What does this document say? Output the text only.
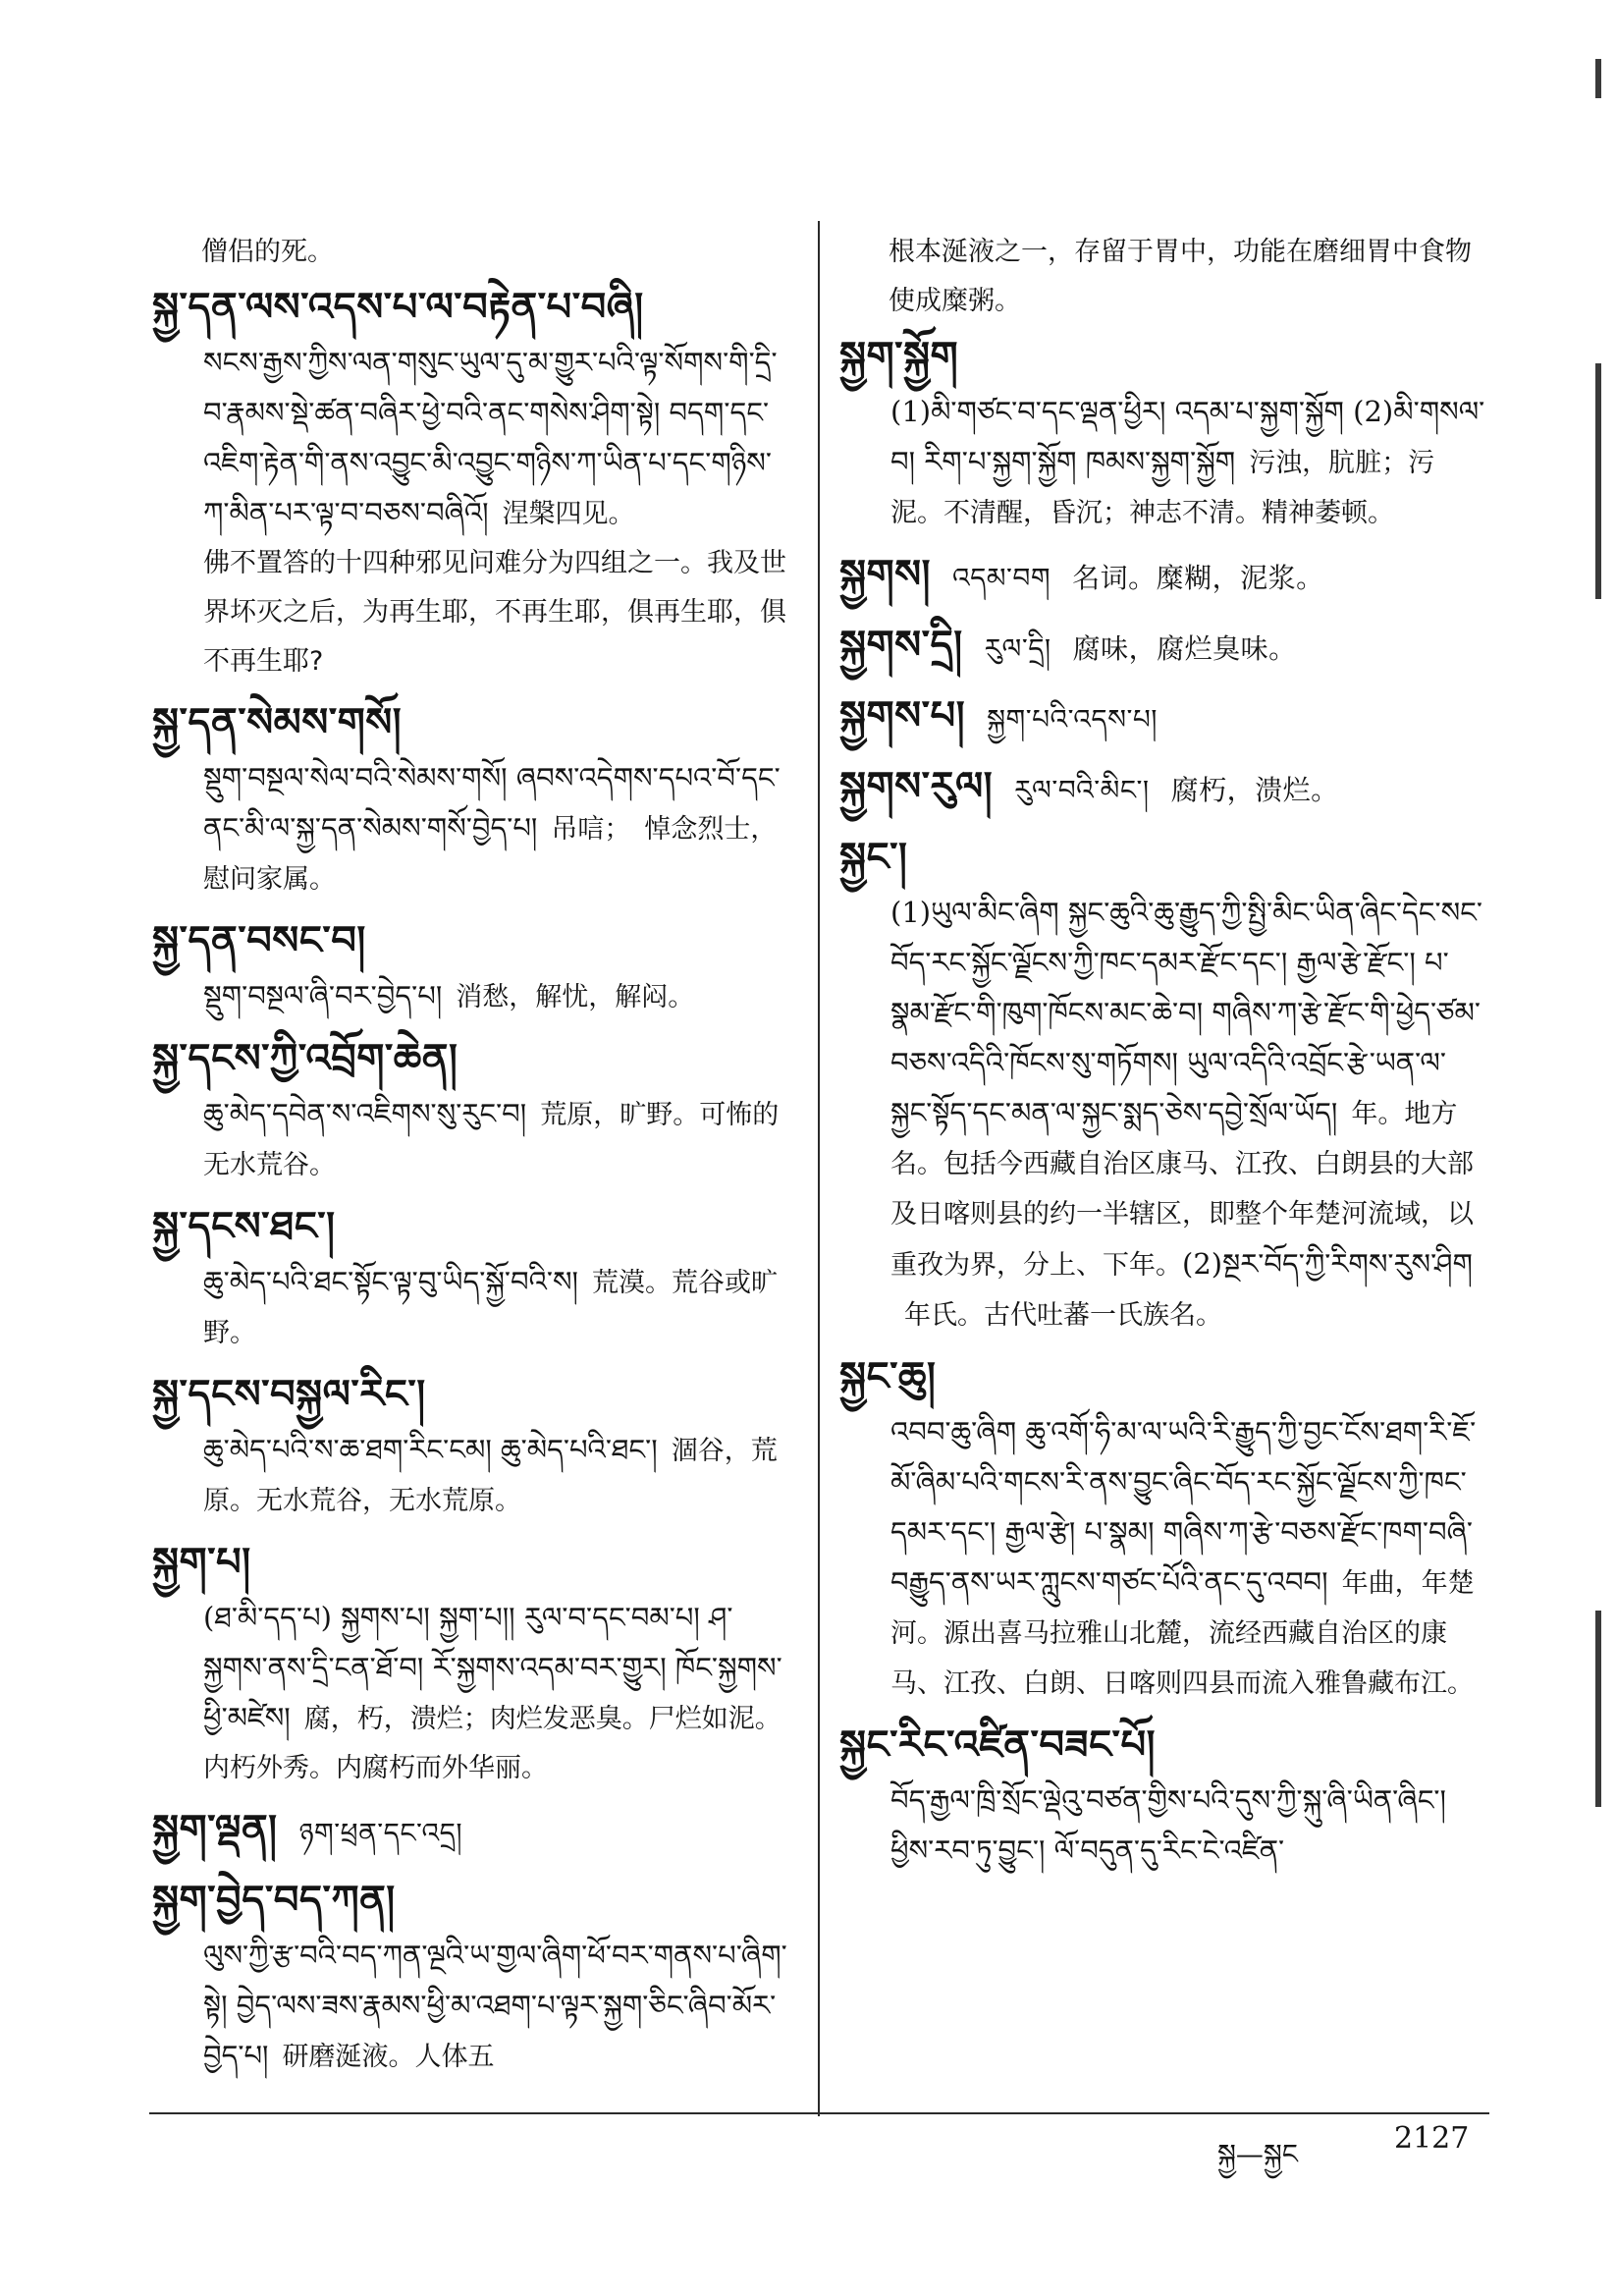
僧侣的死。
སྐྱ་དན་ལས་འདས་པ་ལ་བརྟེན་པ་བཞི།
སངས་རྒྱས་ཀྱིས་ལན་གསུང་ཡུལ་དུ་མ་གྱུར་པའི་ལྟ་སོགས་གི་དྲི་བ་རྣམས་སྡེ་ཚན་བཞིར་ཕྱེ་བའི་ནང་གསེས་ཤིག་སྟེ། བདག་དང་འཇིག་རྟེན་གི་ནས་འབྱུང་མི་འབྱུང་གཉིས་ཀ་ཡིན་པ་དང་གཉིས་ཀ་མིན་པར་ལྟ་བ་བཅས་བཞིའོ། 涅槃四见。
佛不置答的十四种邪见问难分为四组之一。我及世界坏灭之后，为再生耶，不再生耶，俱再生耶，俱不再生耶?
སྐྱ་དན་སེམས་གསོ།
སྡུག་བསྔལ་སེལ་བའི་སེམས་གསོ། ཞབས་འདེགས་དཔའ་བོ་དང་ནང་མི་ལ་སྐྱ་དན་སེམས་གསོ་བྱེད་པ། 吊唁； 悼念烈士，慰问家属。
སྐྱ་དན་བསང་བ།
སྡུག་བསྔལ་ཞི་བར་བྱེད་པ། 消愁，解忧，解闷。
སྐྱ་དངས་ཀྱི་འབྲོག་ཆེན།
ཆུ་མེད་དབེན་ས་འཇིགས་སུ་རུང་བ། 荒原，旷野。可怖的无水荒谷。
སྐྱ་དངས་ཐང་།
ཆུ་མེད་པའི་ཐང་སྟོང་ལྟ་བུ་ཡིད་སྐྱོ་བའི་ས། 荒漠。荒谷或旷野。
སྐྱ་དངས་བསྐྱལ་རིང་།
ཆུ་མེད་པའི་ས་ཆ་ཐག་རིང་ངམ། ཆུ་མེད་པའི་ཐང་། 涸谷，荒原。无水荒谷，无水荒原。
སྐྱག་པ།
(ཐ་མི་དད་པ) སྐྱགས་པ། སྐྱག་པ།། རུལ་བ་དང་བམ་པ། ཤ་སྐྱགས་ནས་དྲི་ངན་ཐོ་བ། རོ་སྐྱགས་འདམ་བར་གྱུར། ཁོང་སྐྱགས་ཕྱི་མཛེས། 腐，朽，溃烂；肉烂发恶臭。尸烂如泥。
内朽外秀。内腐朽而外华丽。
སྐྱག་ལྡན། ཉག་ཕྲན་དང་འདྲ།
སྐྱག་བྱེད་བད་ཀན།
ལུས་ཀྱི་རྩ་བའི་བད་ཀན་ལྔའི་ཡ་གྱལ་ཞིག་ཕོ་བར་གནས་པ་ཞིག་སྟེ། བྱེད་ལས་ཟས་རྣམས་ཕྱི་མ་འཐག་པ་ལྟར་སྐྱག་ཅིང་ཞིབ་མོར་བྱེད་པ། 研磨涎液。人体五
根本涎液之一，存留于胃中，功能在磨细胃中食物使成糜粥。
སྐྱག་སྐྱོག
(1)མི་གཙང་བ་དང་ལྡན་ཕྱིར། འདམ་པ་སྐྱག་སྐྱོག (2)མི་གསལ་བ། རིག་པ་སྐྱག་སྐྱོག ཁམས་སྐྱག་སྐྱོག 污浊，肮脏；污泥。不清醒，昏沉；神志不清。精神萎顿。
སྐྱགས། འདམ་བག 名词。糜糊，泥浆。
སྐྱགས་དྲི། རུལ་དྲི། 腐味，腐烂臭味。
སྐྱགས་པ། སྐྱག་པའི་འདས་པ།
སྐྱགས་རུལ། རུལ་བའི་མིང་། 腐朽，溃烂。
སྐྱང་།
(1)ཡུལ་མིང་ཞིག སྐྱང་ཆུའི་ཆུ་རྒྱུད་ཀྱི་སྤྱི་མིང་ཡིན་ཞིང་དེང་སང་བོད་རང་སྐྱོང་ལྗོངས་ཀྱི་ཁང་དམར་རྫོང་དང་། རྒྱལ་རྩེ་རྫོང་། པ་སྣམ་རྫོང་གི་ཁུག་ཁོངས་མང་ཆེ་བ། གཞིས་ཀ་རྩེ་རྫོང་གི་ཕྱེད་ཙམ་བཅས་འདིའི་ཁོངས་སུ་གཏོགས། ཡུལ་འདིའི་འབྲོང་རྩེ་ཡན་ལ་སྐྱང་སྟོད་དང་མན་ལ་སྐྱང་སྨད་ཅེས་དབྱེ་སྲོལ་ཡོད། 年。地方名。包括今西藏自治区康马、江孜、白朗县的大部及日喀则县的约一半辖区，即整个年楚河流域，以重孜为界，分上、下年。(2)སྔར་བོད་ཀྱི་རིགས་རུས་ཤིག年氏。古代吐蕃一氏族名。
སྐྱང་ཆུ།
འབབ་ཆུ་ཞིག ཆུ་འགོ་ཧི་མ་ལ་ཡའི་རི་རྒྱུད་ཀྱི་བྱང་ངོས་ཐག་རི་ཇོ་མོ་ཞིམ་པའི་གངས་རི་ནས་བྱུང་ཞིང་བོད་རང་སྐྱོང་ལྗོངས་ཀྱི་ཁང་དམར་དང་། རྒྱལ་རྩེ། པ་སྣམ། གཞིས་ཀ་རྩེ་བཅས་རྫོང་ཁག་བཞི་བརྒྱུད་ནས་ཡར་ཀླུངས་གཙང་པོའི་ནང་དུ་འབབ། 年曲，年楚河。源出喜马拉雅山北麓，流经西藏自治区的康马、江孜、白朗、日喀则四县而流入雅鲁藏布江。
སྐྱང་རིང་འཛིན་བཟང་པོ།
བོད་རྒྱལ་ཁྲི་སྲོང་ལྡེའུ་བཙན་གྱིས་པའི་དུས་ཀྱི་སྐུ་ཞི་ཡིན་ཞིང་། ཕྱིས་རབ་ཏུ་བྱུང་། ལོ་བདུན་དུ་རིང་ངེ་འཛིན་
སྐྱ—སྐྱང	2127
